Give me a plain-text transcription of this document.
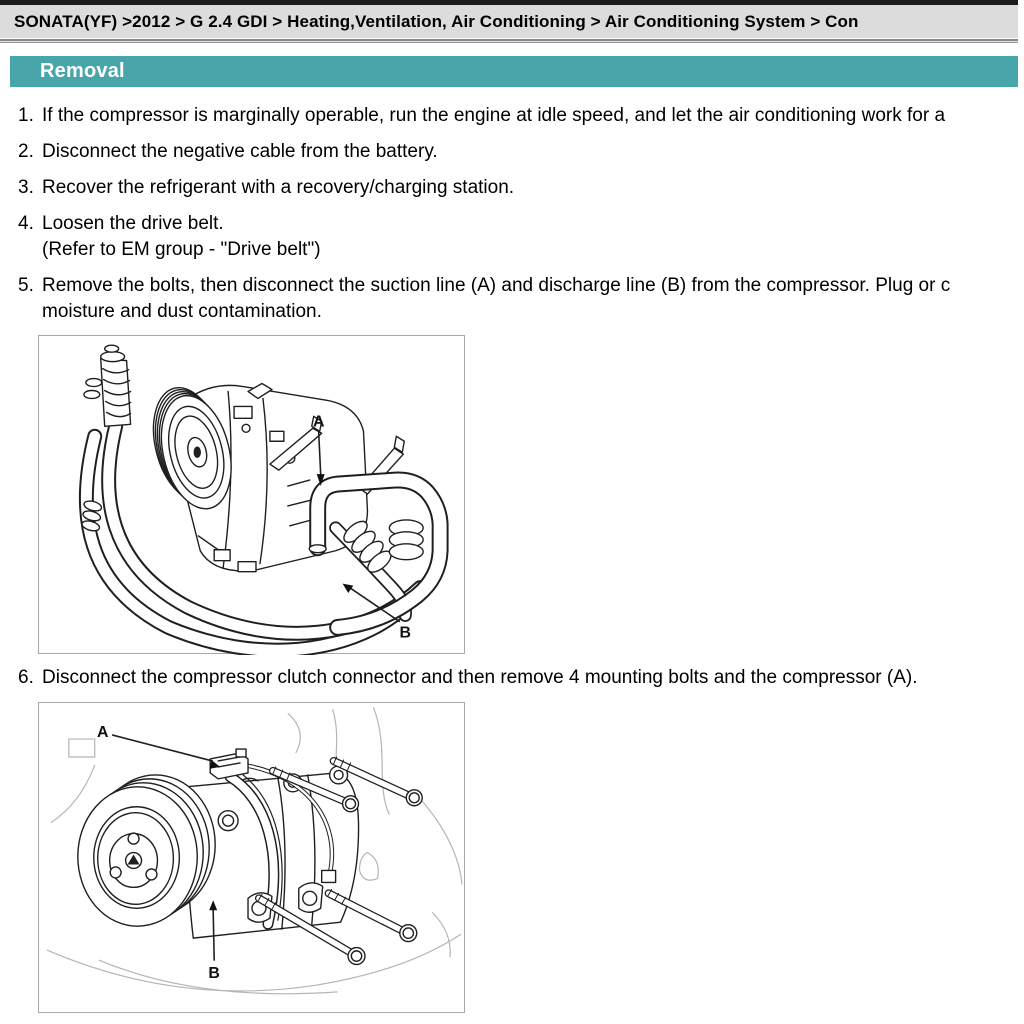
SONATA(YF) >2012 > G 2.4 GDI > Heating,Ventilation, Air Conditioning > Air Conditioning System > Con
Removal
1. If the compressor is marginally operable, run the engine at idle speed, and let the air conditioning work for a
2. Disconnect the negative cable from the battery.
3. Recover the refrigerant with a recovery/charging station.
4. Loosen the drive belt.
(Refer to EM group - "Drive belt")
5. Remove the bolts, then disconnect the suction line (A) and discharge line (B) from the compressor. Plug or c
moisture and dust contamination.
A
B
6. Disconnect the compressor clutch connector and then remove 4 mounting bolts and the compressor (A).
A
B
